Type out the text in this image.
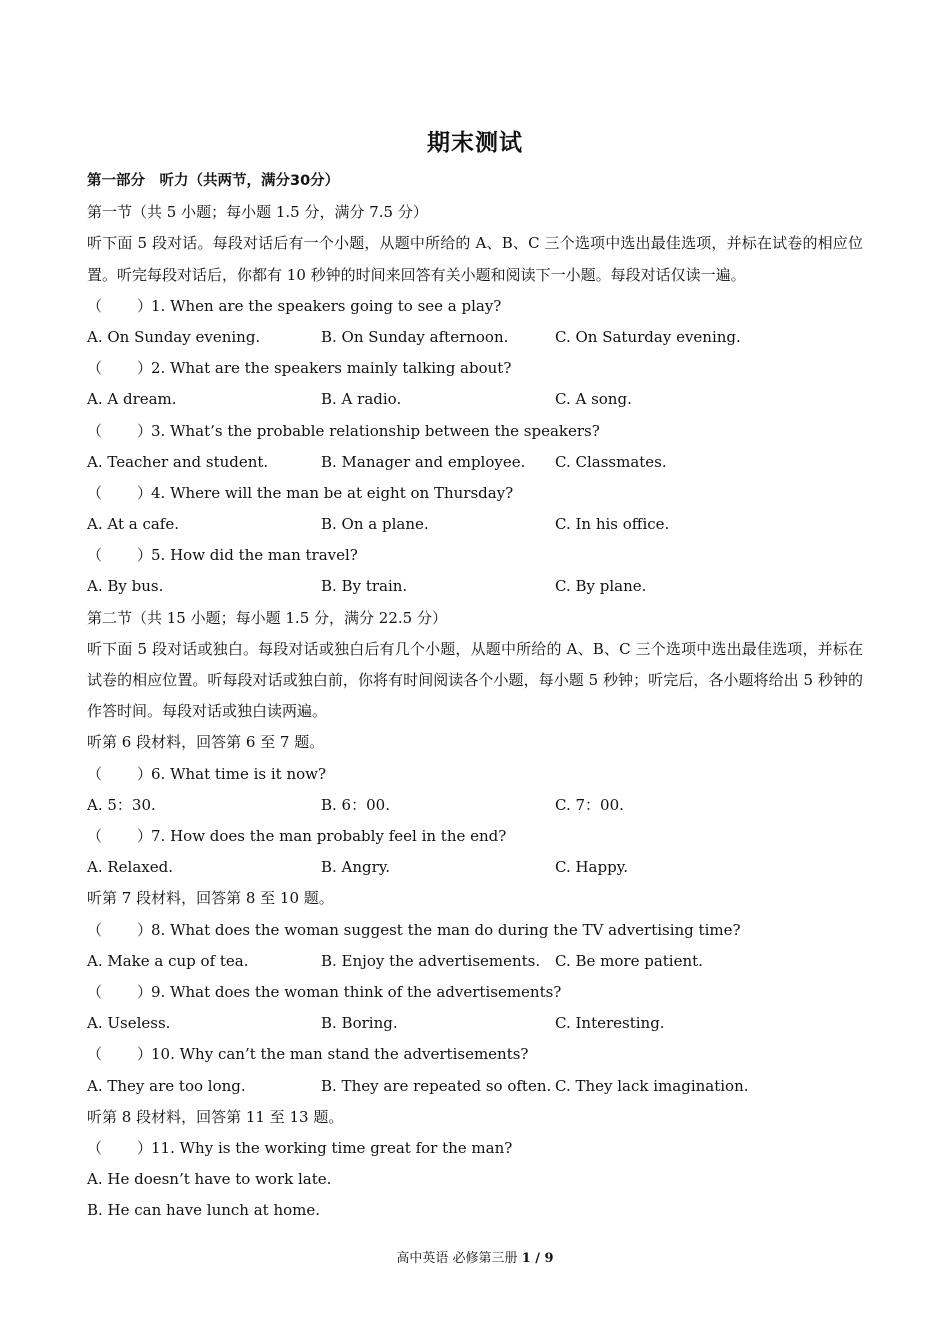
期末测试
第一部分　听力（共两节，满分30分）
第一节（共 5 小题；每小题 1.5 分，满分 7.5 分）
听下面 5 段对话。每段对话后有一个小题，从题中所给的 A、B、C 三个选项中选出最佳选项，并标在试卷的相应位置。听完每段对话后，你都有 10 秒钟的时间来回答有关小题和阅读下一小题。每段对话仅读一遍。
（ ）1. When are the speakers going to see a play?
A. On Sunday evening.	B. On Sunday afternoon.	C. On Saturday evening.
（ ）2. What are the speakers mainly talking about?
A. A dream.	B. A radio.	C. A song.
（ ）3. What’s the probable relationship between the speakers?
A. Teacher and student.	B. Manager and employee. C. Classmates.
（ ）4. Where will the man be at eight on Thursday?
A. At a cafe.	B. On a plane.	C. In his office.
（ ）5. How did the man travel?
A. By bus.	B. By train.	C. By plane.
第二节（共 15 小题；每小题 1.5 分，满分 22.5 分）
听下面 5 段对话或独白。每段对话或独白后有几个小题，从题中所给的 A、B、C 三个选项中选出最佳选项，并标在试卷的相应位置。听每段对话或独白前，你将有时间阅读各个小题，每小题 5 秒钟；听完后，各小题将给出 5 秒钟的作答时间。每段对话或独白读两遍。
听第 6 段材料，回答第 6 至 7 题。
（ ）6. What time is it now?
A. 5：30.	B. 6：00.	C. 7：00.
（ ）7. How does the man probably feel in the end?
A. Relaxed.	B. Angry.	C. Happy.
听第 7 段材料，回答第 8 至 10 题。
（ ）8. What does the woman suggest the man do during the TV advertising time?
A. Make a cup of tea.	B. Enjoy the advertisements. C. Be more patient.
（ ）9. What does the woman think of the advertisements?
A. Useless.	B. Boring.	C. Interesting.
（ ）10. Why can’t the man stand the advertisements?
A. They are too long.	B. They are repeated so often. C. They lack imagination.
听第 8 段材料，回答第 11 至 13 题。
（ ）11. Why is the working time great for the man?
A. He doesn’t have to work late.
B. He can have lunch at home.
高中英语 必修第三册 1 / 9
